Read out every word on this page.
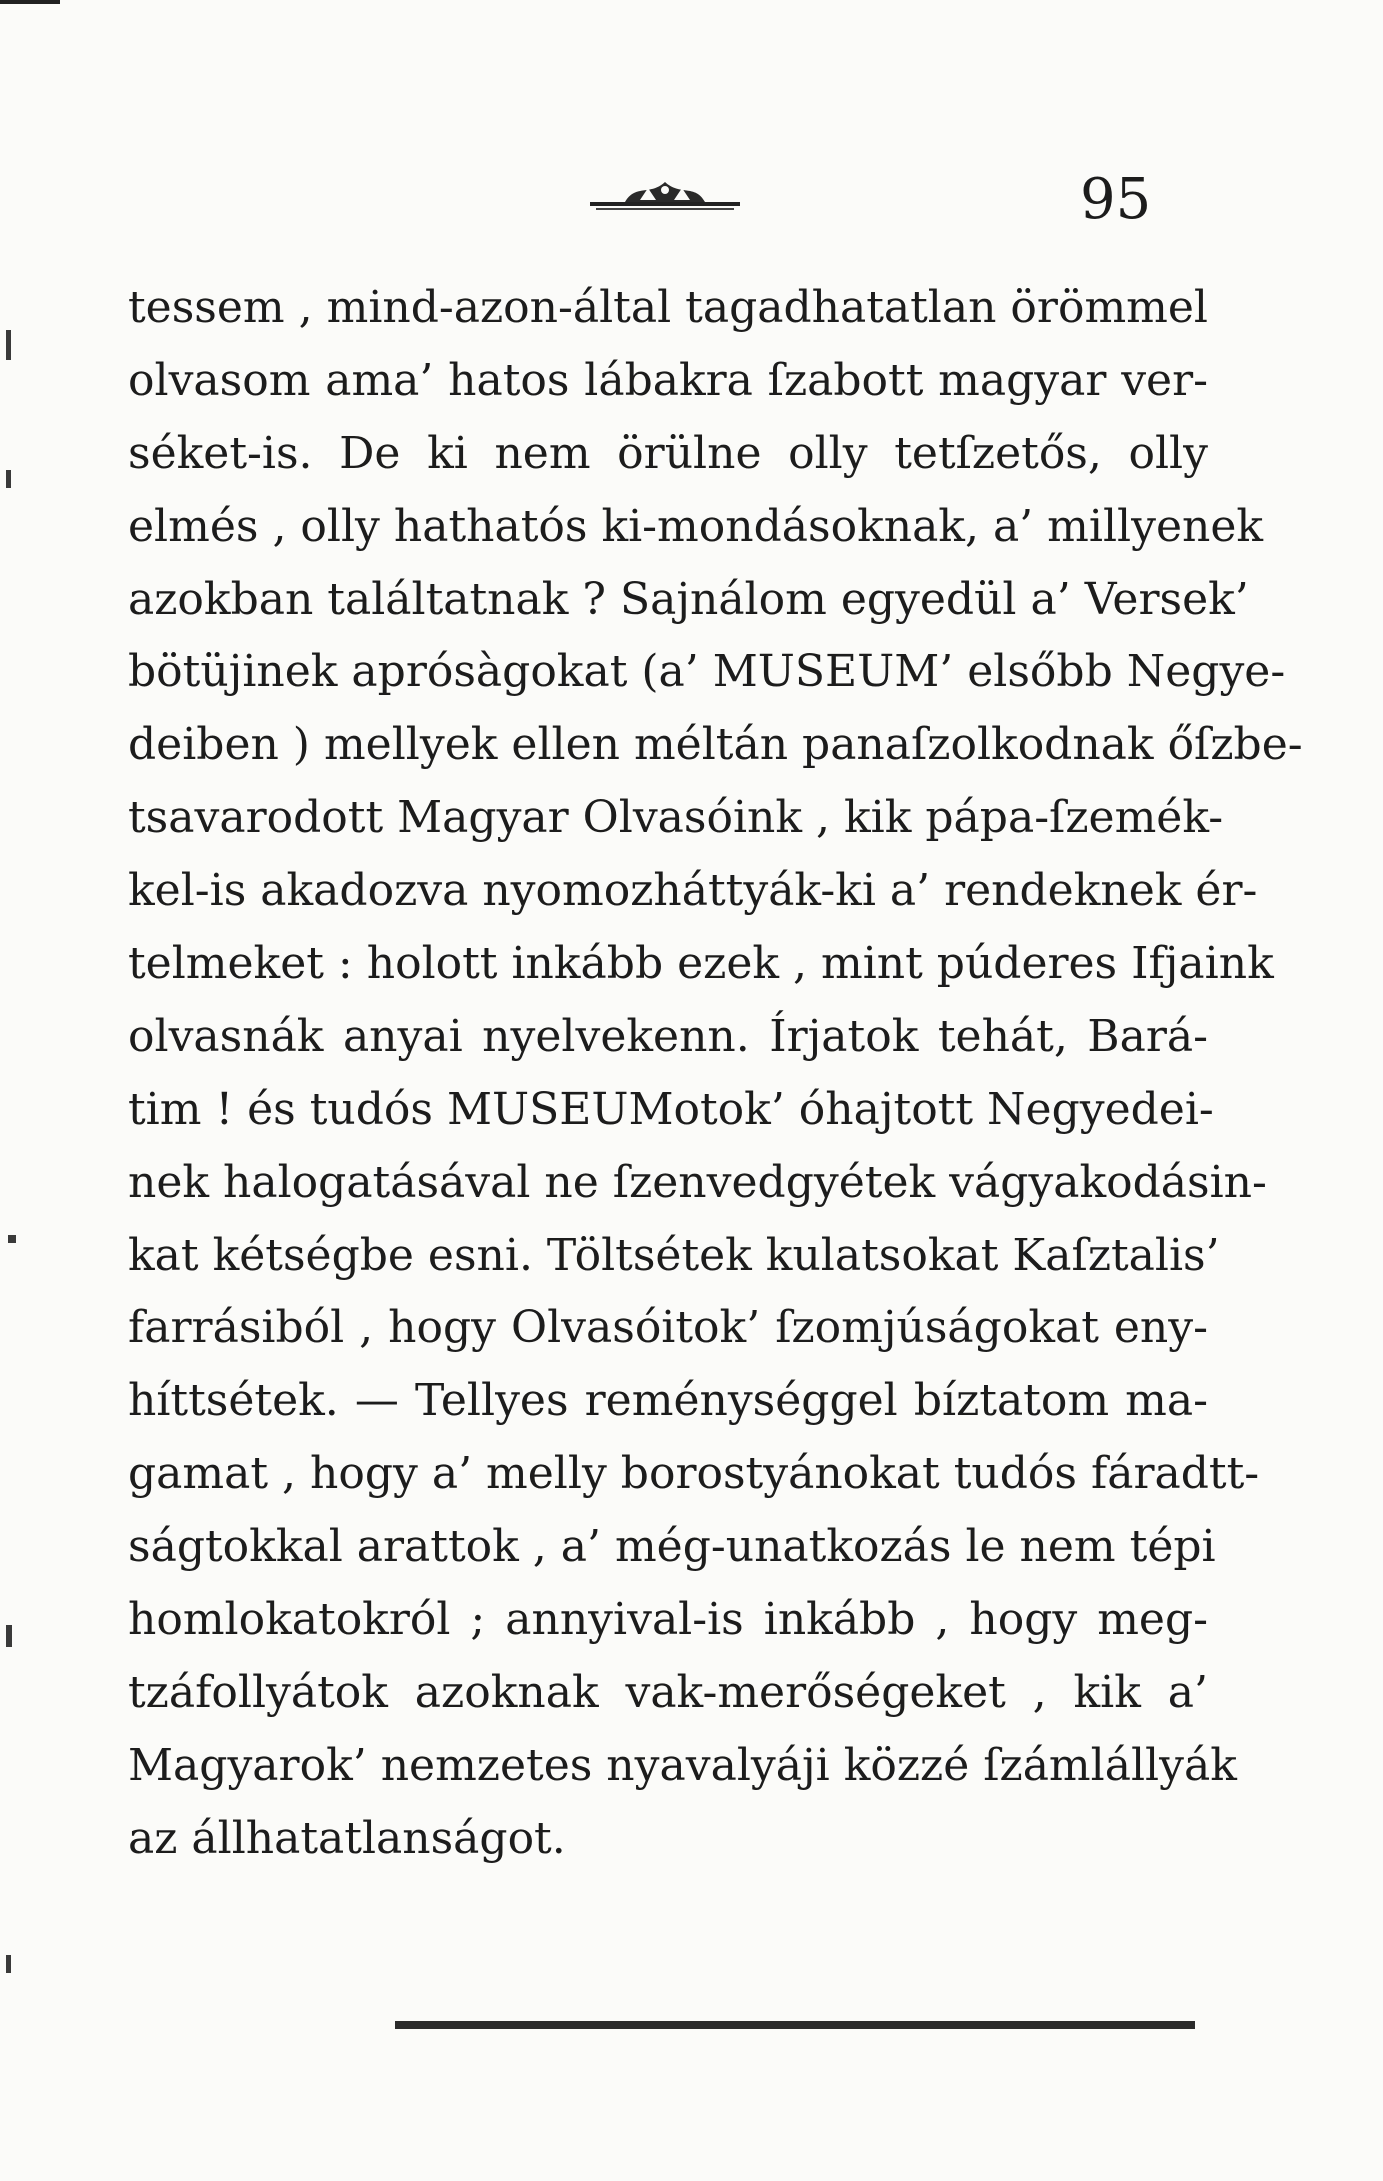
95
tessem , mind-azon-által tagadhatatlan örömmel
olvasom ama’ hatos lábakra ſzabott magyar ver-
séket-is. De ki nem örülne olly tetſzetős, olly
elmés , olly hathatós ki-mondásoknak, a’ millyenek
azokban találtatnak ? Sajnálom egyedül a’ Versek’
bötüjinek aprósàgokat (a’ MUSEUM’ elsőbb Negye-
deiben ) mellyek ellen méltán panaſzolkodnak őſzbe-
tsavarodott Magyar Olvasóink , kik pápa-ſzemék-
kel-is akadozva nyomozháttyák-ki a’ rendeknek ér-
telmeket : holott inkább ezek , mint púderes Ifjaink
olvasnák anyai nyelvekenn. Írjatok tehát, Bará-
tim ! és tudós MUSEUMotok’ óhajtott Negyedei-
nek halogatásával ne ſzenvedgyétek vágyakodásin-
kat kétségbe esni. Töltsétek kulatsokat Kaſztalis’
farrásiból , hogy Olvasóitok’ ſzomjúságokat eny-
híttsétek. — Tellyes reménységgel bíztatom ma-
gamat , hogy a’ melly borostyánokat tudós fáradtt-
ságtokkal arattok , a’ még-unatkozás le nem tépi
homlokatokról ; annyival-is inkább , hogy meg-
tzáfollyátok azoknak vak-merőségeket , kik a’
Magyarok’ nemzetes nyavalyáji közzé ſzámlállyák
az állhatatlanságot.
